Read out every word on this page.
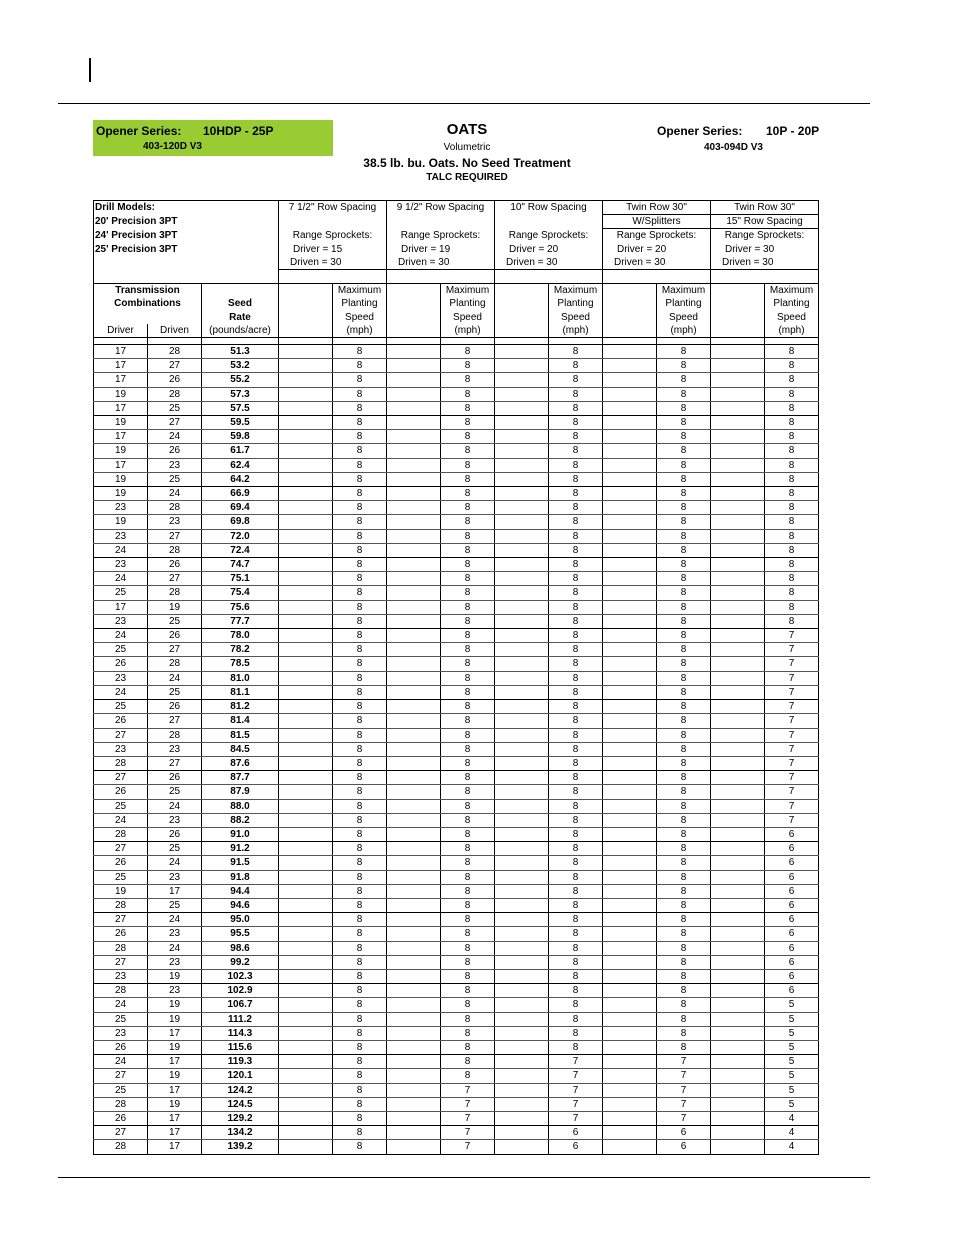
Opener Series: 10HDP - 25P
403-120D V3
OATS
Volumetric
38.5 lb. bu. Oats. No Seed Treatment
TALC REQUIRED
Opener Series: 10P - 20P
403-094D V3
Drill Models:			7 1/2" Row Spacing		9 1/2" Row Spacing		10" Row Spacing		Twin Row 30"		Twin Row 30"	
20' Precision 3PT									W/Splitters		15" Row Spacing	
24' Precision 3PT			Range Sprockets:		Range Sprockets:		Range Sprockets:		Range Sprockets:		Range Sprockets:	
25' Precision 3PT			Driver = 15		Driver = 19		Driver = 20		Driver = 20		Driver = 30	
			Driven = 30		Driven = 30		Driven = 30		Driven = 30		Driven = 30	

Transmission				Maximum		Maximum		Maximum		Maximum		Maximum
Combinations		Seed		Planting		Planting		Planting		Planting		Planting
		Rate		Speed		Speed		Speed		Speed		Speed
Driver	Driven	(pounds/acre)		(mph)		(mph)		(mph)		(mph)		(mph)

17	28	51.3		8		8		8		8		8
17	27	53.2		8		8		8		8		8
17	26	55.2		8		8		8		8		8
19	28	57.3		8		8		8		8		8
17	25	57.5		8		8		8		8		8
19	27	59.5		8		8		8		8		8
17	24	59.8		8		8		8		8		8
19	26	61.7		8		8		8		8		8
17	23	62.4		8		8		8		8		8
19	25	64.2		8		8		8		8		8
19	24	66.9		8		8		8		8		8
23	28	69.4		8		8		8		8		8
19	23	69.8		8		8		8		8		8
23	27	72.0		8		8		8		8		8
24	28	72.4		8		8		8		8		8
23	26	74.7		8		8		8		8		8
24	27	75.1		8		8		8		8		8
25	28	75.4		8		8		8		8		8
17	19	75.6		8		8		8		8		8
23	25	77.7		8		8		8		8		8
24	26	78.0		8		8		8		8		7
25	27	78.2		8		8		8		8		7
26	28	78.5		8		8		8		8		7
23	24	81.0		8		8		8		8		7
24	25	81.1		8		8		8		8		7
25	26	81.2		8		8		8		8		7
26	27	81.4		8		8		8		8		7
27	28	81.5		8		8		8		8		7
23	23	84.5		8		8		8		8		7
28	27	87.6		8		8		8		8		7
27	26	87.7		8		8		8		8		7
26	25	87.9		8		8		8		8		7
25	24	88.0		8		8		8		8		7
24	23	88.2		8		8		8		8		7
28	26	91.0		8		8		8		8		6
27	25	91.2		8		8		8		8		6
26	24	91.5		8		8		8		8		6
25	23	91.8		8		8		8		8		6
19	17	94.4		8		8		8		8		6
28	25	94.6		8		8		8		8		6
27	24	95.0		8		8		8		8		6
26	23	95.5		8		8		8		8		6
28	24	98.6		8		8		8		8		6
27	23	99.2		8		8		8		8		6
23	19	102.3		8		8		8		8		6
28	23	102.9		8		8		8		8		6
24	19	106.7		8		8		8		8		5
25	19	111.2		8		8		8		8		5
23	17	114.3		8		8		8		8		5
26	19	115.6		8		8		8		8		5
24	17	119.3		8		8		7		7		5
27	19	120.1		8		8		7		7		5
25	17	124.2		8		7		7		7		5
28	19	124.5		8		7		7		7		5
26	17	129.2		8		7		7		7		4
27	17	134.2		8		7		6		6		4
28	17	139.2		8		7		6		6		4
